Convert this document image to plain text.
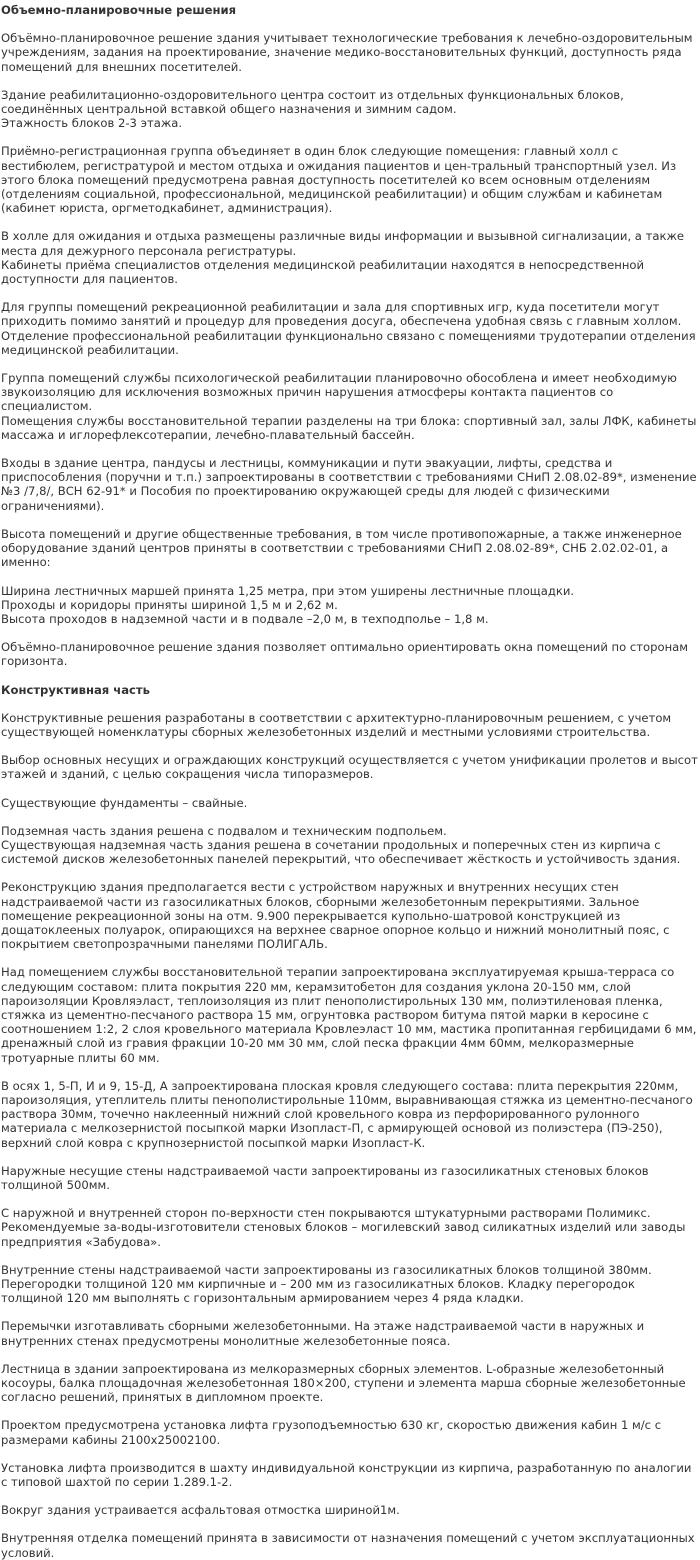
Объемно-планировочные решения

Объёмно-планировочное решение здания учитывает технологические требования к лечебно-оздоровительным учреждениям, задания на проектирование, значение медико-восстановительных функций, доступность ряда помещений для внешних посетителей.

Здание реабилитационно-оздоровительного центра состоит из отдельных функциональных блоков, соединённых центральной вставкой общего назначения и зимним садом.
Этажность блоков 2-3 этажа.

Приёмно-регистрационная группа объединяет в один блок следующие помещения: главный холл с вестибюлем, регистратурой и местом отдыха и ожидания пациентов и цен-тральный транспортный узел. Из этого блока помещений предусмотрена равная доступность посетителей ко всем основным отделениям (отделениям социальной, профессиональной, медицинской реабилитации) и общим службам и кабинетам (кабинет юриста, оргметодкабинет, администрация).

В холле для ожидания и отдыха размещены различные виды информации и вызывной сигнализации, а также места для дежурного персонала регистратуры.
Кабинеты приёма специалистов отделения медицинской реабилитации находятся в непосредственной доступности для пациентов.

Для группы помещений рекреационной реабилитации и зала для спортивных игр, куда посетители могут приходить помимо занятий и процедур для проведения досуга, обеспечена удобная связь с главным холлом.
Отделение профессиональной реабилитации функционально связано с помещениями трудотерапии отделения медицинской реабилитации.

Группа помещений службы психологической реабилитации планировочно обособлена и имеет необходимую звукоизоляцию для исключения возможных причин нарушения атмосферы контакта пациентов со специалистом.
Помещения службы восстановительной терапии разделены на три блока: спортивный зал, залы ЛФК, кабинеты массажа и иглорефлексотерапии, лечебно-плавательный бассейн.

Входы в здание центра, пандусы и лестницы, коммуникации и пути эвакуации, лифты, средства и приспособления (поручни и т.п.) запроектированы в соответствии с требованиями СНиП 2.08.02-89*, изменение №3 /7,8/, ВСН 62-91* и Пособия по проектированию окружающей среды для людей с физическими ограничениями).

Высота помещений и другие общественные требования, в том числе противопожарные, а также инженерное оборудование зданий центров приняты в соответствии с требованиями СНиП 2.08.02-89*, СНБ 2.02.02-01, а именно:

Ширина лестничных маршей принята 1,25 метра, при этом уширены лестничные площадки.
Проходы и коридоры приняты шириной 1,5 м и 2,62 м.
Высота проходов в надземной части и в подвале –2,0 м, в техподполье – 1,8 м.

Объёмно-планировочное решение здания позволяет оптимально ориентировать окна помещений по сторонам горизонта.

Конструктивная часть

Конструктивные решения разработаны в соответствии с архитектурно-планировочным решением, с учетом существующей номенклатуры сборных железобетонных изделий и местными условиями строительства.

Выбор основных несущих и ограждающих конструкций осуществляется с учетом унификации пролетов и высот этажей и зданий, с целью сокращения числа типоразмеров.

Существующие фундаменты – свайные.

Подземная часть здания решена с подвалом и техническим подпольем.
Существующая надземная часть здания решена в сочетании продольных и поперечных стен из кирпича с системой дисков железобетонных панелей перекрытий, что обеспечивает жёсткость и устойчивость здания.

Реконструкцию здания предполагается вести с устройством наружных и внутренних несущих стен надстраиваемой части из газосиликатных блоков, сборными железобетонным перекрытиями. Зальное помещение рекреационной зоны на отм. 9.900 перекрывается купольно-шатровой конструкцией из дощатоклееных полуарок, опирающихся на верхнее сварное опорное кольцо и нижний монолитный пояс, с покрытием светопрозрачными панелями ПОЛИГАЛЬ.

Над помещением службы восстановительной терапии запроектирована эксплуатируемая крыша-терраса со следующим составом: плита покрытия 220 мм, керамзитобетон для создания уклона 20-150 мм, слой пароизоляции Кровляэласт, теплоизоляция из плит пенополистирольных 130 мм, полиэтиленовая пленка, стяжка из цементно-песчаного раствора 15 мм, огрунтовка раствором битума пятой марки в керосине с соотношением 1:2, 2 слоя кровельного материала Кровлеэласт 10 мм, мастика пропитанная гербицидами 6 мм, дренажный слой из гравия фракции 10-20 мм 30 мм, слой песка фракции 4мм 60мм, мелкоразмерные тротуарные плиты 60 мм.

В осях 1, 5-П, И и 9, 15-Д, А запроектирована плоская кровля следующего состава: плита перекрытия 220мм, пароизоляция, утеплитель плиты пенополистирольные 110мм, выравнивающая стяжка из цементно-песчаного раствора 30мм, точечно наклеенный нижний слой кровельного ковра из перфорированного рулонного материала с мелкозернистой посыпкой марки Изопласт-П, с армирующей основой из полиэстера (ПЭ-250), верхний слой ковра с крупнозернистой посыпкой марки Изопласт-К.

Наружные несущие стены надстраиваемой части запроектированы из газосиликатных стеновых блоков толщиной 500мм.

С наружной и внутренней сторон по-верхности стен покрываются штукатурными растворами Полимикс. Рекомендуемые за-воды-изготовители стеновых блоков – могилевский завод силикатных изделий или заводы предприятия «Забудова».

Внутренние стены надстраиваемой части запроектированы из газосиликатных блоков толщиной 380мм. Перегородки толщиной 120 мм кирпичные и – 200 мм из газосиликатных блоков. Кладку перегородок толщиной 120 мм выполнять с горизонтальным армированием через 4 ряда кладки.

Перемычки изготавливать сборными железобетонными. На этаже надстраиваемой части в наружных и внутренних стенах предусмотрены монолитные железобетонные пояса.

Лестница в здании запроектирована из мелкоразмерных сборных элементов. L-образные железобетонный косоуры, балка площадочная железобетонная 180×200, ступени и элемента марша сборные железобетонные согласно решений, принятых в дипломном проекте.

Проектом предусмотрена установка лифта грузоподъемностью 630 кг, скоростью движения кабин 1 м/с с размерами кабины 2100х25002100.

Установка лифта производится в шахту индивидуальной конструкции из кирпича, разработанную по аналогии с типовой шахтой по серии 1.289.1-2.

Вокруг здания устраивается асфальтовая отмостка шириной1м.

Внутренняя отделка помещений принята в зависимости от назначения помещений с учетом эксплуатационных условий.
